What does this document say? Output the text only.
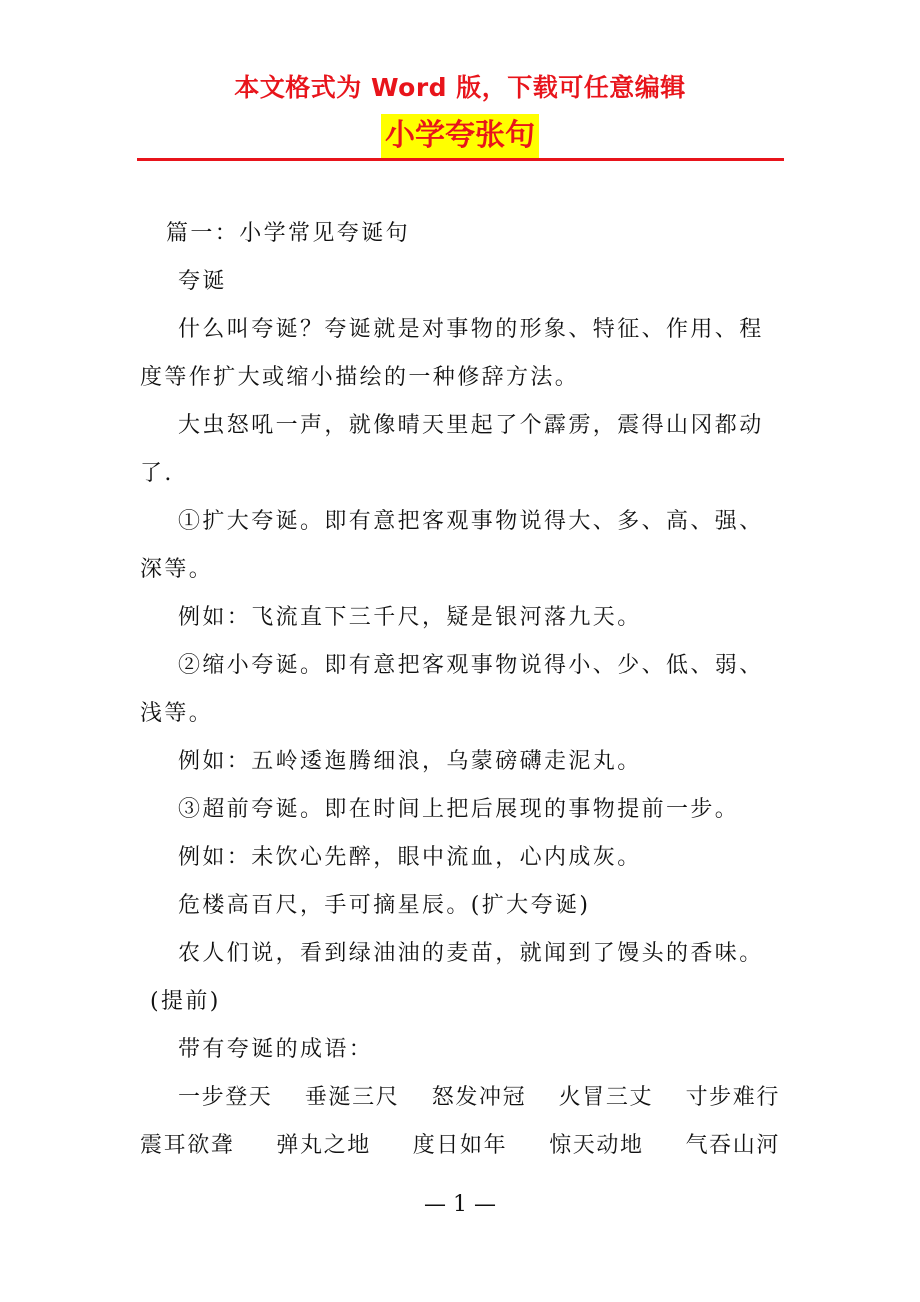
本文格式为 Word 版，下载可任意编辑
小学夸张句

篇一：小学常见夸诞句

夸诞

什么叫夸诞？夸诞就是对事物的形象、特征、作用、程

度等作扩大或缩小描绘的一种修辞方法。

大虫怒吼一声，就像晴天里起了个霹雳，震得山冈都动

了.

①扩大夸诞。即有意把客观事物说得大、多、高、强、

深等。

例如：飞流直下三千尺，疑是银河落九天。

②缩小夸诞。即有意把客观事物说得小、少、低、弱、

浅等。

例如：五岭逶迤腾细浪，乌蒙磅礴走泥丸。

③超前夸诞。即在时间上把后展现的事物提前一步。

例如：未饮心先醉，眼中流血，心内成灰。

危楼高百尺，手可摘星辰。(扩大夸诞)

农人们说，看到绿油油的麦苗，就闻到了馒头的香味。

(提前)

带有夸诞的成语：

一步登天 垂涎三尺 怒发冲冠 火冒三丈 寸步难行
震耳欲聋 弹丸之地 度日如年 惊天动地 气吞山河
— 1 —
